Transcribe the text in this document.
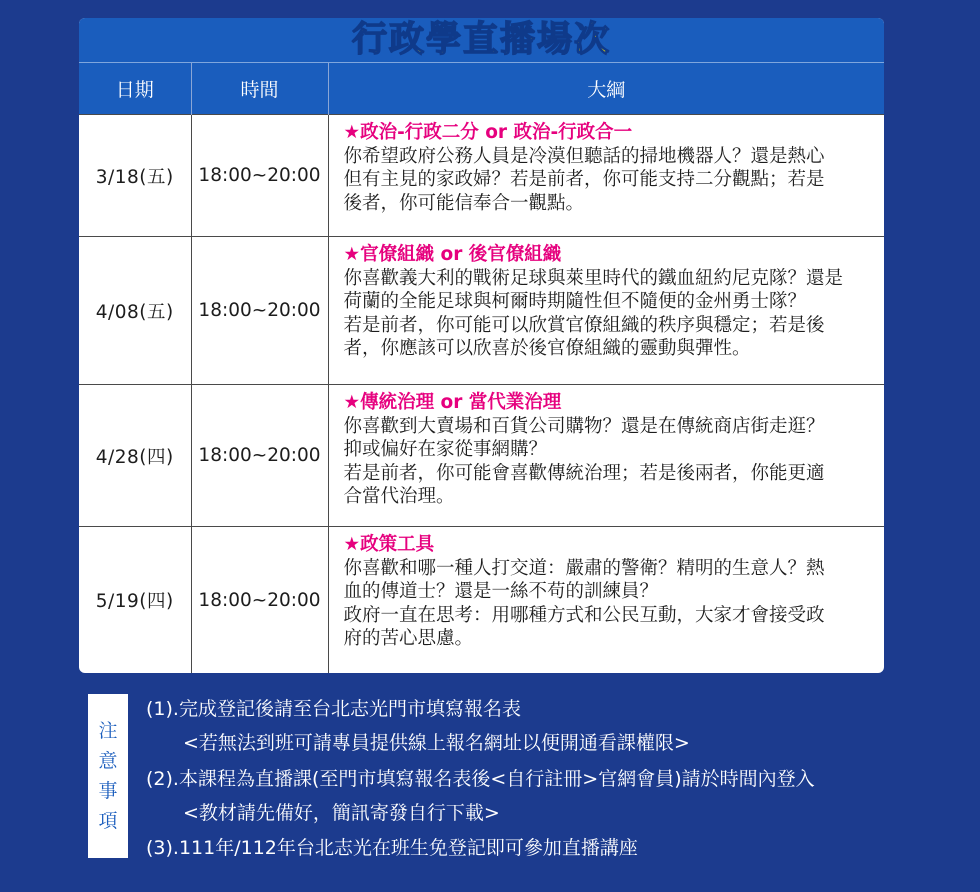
行政學直播場次
日期	時間	大綱
3/18(五)	18:00~20:00	★政治-行政二分 or 政治-行政合一
你希望政府公務人員是冷漠但聽話的掃地機器人？還是熱心
但有主見的家政婦？若是前者，你可能支持二分觀點；若是
後者，你可能信奉合一觀點。

4/08(五)	18:00~20:00	★官僚組織 or 後官僚組織
你喜歡義大利的戰術足球與萊里時代的鐵血紐約尼克隊？還是
荷蘭的全能足球與柯爾時期隨性但不隨便的金州勇士隊？
若是前者，你可能可以欣賞官僚組織的秩序與穩定；若是後
者，你應該可以欣喜於後官僚組織的靈動與彈性。

4/28(四)	18:00~20:00	★傳統治理 or 當代業治理
你喜歡到大賣場和百貨公司購物？還是在傳統商店街走逛？
抑或偏好在家從事網購？
若是前者，你可能會喜歡傳統治理；若是後兩者，你能更適
合當代治理。

5/19(四)	18:00~20:00	★政策工具
你喜歡和哪一種人打交道：嚴肅的警衛？精明的生意人？熱
血的傳道士？還是一絲不苟的訓練員？
政府一直在思考：用哪種方式和公民互動，大家才會接受政
府的苦心思慮。
注
意
事
項
(1).完成登記後請至台北志光門市填寫報名表
<若無法到班可請專員提供線上報名網址以便開通看課權限>
(2).本課程為直播課(至門市填寫報名表後<自行註冊>官網會員)請於時間內登入
<教材請先備好，簡訊寄發自行下載>
(3).111年/112年台北志光在班生免登記即可參加直播講座
